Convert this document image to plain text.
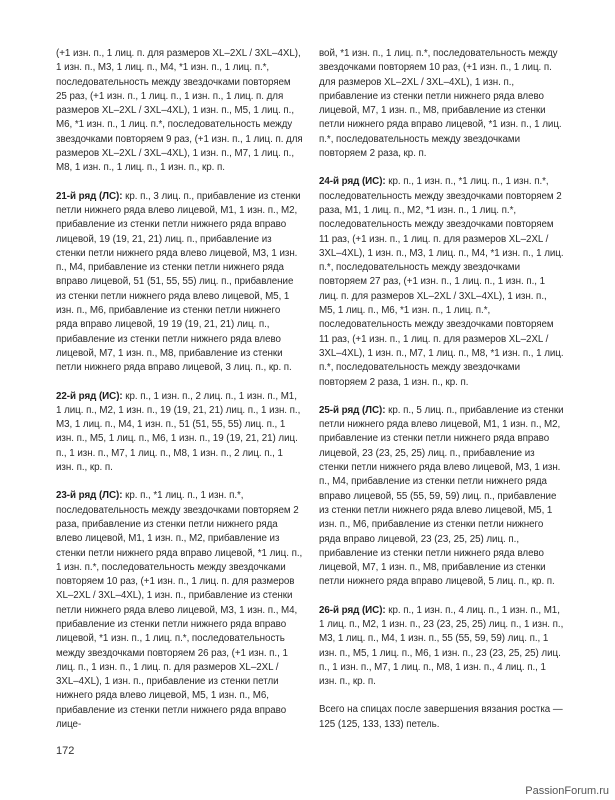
(+1 изн. п., 1 лиц. п. для размеров XL–2XL / 3XL–4XL), 1 изн. п., M3, 1 лиц. п., M4, *1 изн. п., 1 лиц. п.*, последовательность между звездочками повторяем 25 раз, (+1 изн. п., 1 лиц. п., 1 изн. п., 1 лиц. п. для размеров XL–2XL / 3XL–4XL), 1 изн. п., M5, 1 лиц. п., M6, *1 изн. п., 1 лиц. п.*, последовательность между звездочками повторяем 9 раз, (+1 изн. п., 1 лиц. п. для размеров XL–2XL / 3XL–4XL), 1 изн. п., M7, 1 лиц. п., M8, 1 изн. п., 1 лиц. п., 1 изн. п., кр. п.

21-й ряд (ЛС): кр. п., 3 лиц. п., прибавление из стенки петли нижнего ряда влево лицевой, M1, 1 изн. п., M2, прибавление из стенки петли нижнего ряда вправо лицевой, 19 (19, 21, 21) лиц. п., прибавление из стенки петли нижнего ряда влево лицевой, M3, 1 изн. п., M4, прибавление из стенки петли нижнего ряда вправо лицевой, 51 (51, 55, 55) лиц. п., прибавление из стенки петли нижнего ряда влево лицевой, M5, 1 изн. п., M6, прибавление из стенки петли нижнего ряда вправо лицевой, 19 19 (19, 21, 21) лиц. п., прибавление из стенки петли нижнего ряда влево лицевой, M7, 1 изн. п., M8, прибавление из стенки петли нижнего ряда вправо лицевой, 3 лиц. п., кр. п.

22-й ряд (ИС): кр. п., 1 изн. п., 2 лиц. п., 1 изн. п., M1, 1 лиц. п., M2, 1 изн. п., 19 (19, 21, 21) лиц. п., 1 изн. п., M3, 1 лиц. п., M4, 1 изн. п., 51 (51, 55, 55) лиц. п., 1 изн. п., M5, 1 лиц. п., M6, 1 изн. п., 19 (19, 21, 21) лиц. п., 1 изн. п., M7, 1 лиц. п., M8, 1 изн. п., 2 лиц. п., 1 изн. п., кр. п.

23-й ряд (ЛС): кр. п., *1 лиц. п., 1 изн. п.*, последовательность между звездочками повторяем 2 раза, прибавление из стенки петли нижнего ряда влево лицевой, M1, 1 изн. п., M2, прибавление из стенки петли нижнего ряда вправо лицевой, *1 лиц. п., 1 изн. п.*, последовательность между звездочками повторяем 10 раз, (+1 изн. п., 1 лиц. п. для размеров XL–2XL / 3XL–4XL), 1 изн. п., прибавление из стенки петли нижнего ряда влево лицевой, M3, 1 изн. п., M4, прибавление из стенки петли нижнего ряда вправо лицевой, *1 изн. п., 1 лиц. п.*, последовательность между звездочками повторяем 26 раз, (+1 изн. п., 1 лиц. п., 1 изн. п., 1 лиц. п. для размеров XL–2XL / 3XL–4XL), 1 изн. п., прибавление из стенки петли нижнего ряда влево лицевой, M5, 1 изн. п., M6, прибавление из стенки петли нижнего ряда вправо лице-

вой, *1 изн. п., 1 лиц. п.*, последовательность между звездочками повторяем 10 раз, (+1 изн. п., 1 лиц. п. для размеров XL–2XL / 3XL–4XL), 1 изн. п., прибавление из стенки петли нижнего ряда влево лицевой, M7, 1 изн. п., M8, прибавление из стенки петли нижнего ряда вправо лицевой, *1 изн. п., 1 лиц. п.*, последовательность между звездочками повторяем 2 раза, кр. п.

24-й ряд (ИС): кр. п., 1 изн. п., *1 лиц. п., 1 изн. п.*, последовательность между звездочками повторяем 2 раза, M1, 1 лиц. п., M2, *1 изн. п., 1 лиц. п.*, последовательность между звездочками повторяем 11 раз, (+1 изн. п., 1 лиц. п. для размеров XL–2XL / 3XL–4XL), 1 изн. п., M3, 1 лиц. п., M4, *1 изн. п., 1 лиц. п.*, последовательность между звездочками повторяем 27 раз, (+1 изн. п., 1 лиц. п., 1 изн. п., 1 лиц. п. для размеров XL–2XL / 3XL–4XL), 1 изн. п., M5, 1 лиц. п., M6, *1 изн. п., 1 лиц. п.*, последовательность между звездочками повторяем 11 раз, (+1 изн. п., 1 лиц. п. для размеров XL–2XL / 3XL–4XL), 1 изн. п., M7, 1 лиц. п., M8, *1 изн. п., 1 лиц. п.*, последовательность между звездочками повторяем 2 раза, 1 изн. п., кр. п.

25-й ряд (ЛС): кр. п., 5 лиц. п., прибавление из стенки петли нижнего ряда влево лицевой, M1, 1 изн. п., M2, прибавление из стенки петли нижнего ряда вправо лицевой, 23 (23, 25, 25) лиц. п., прибавление из стенки петли нижнего ряда влево лицевой, M3, 1 изн. п., M4, прибавление из стенки петли нижнего ряда вправо лицевой, 55 (55, 59, 59) лиц. п., прибавление из стенки петли нижнего ряда влево лицевой, M5, 1 изн. п., M6, прибавление из стенки петли нижнего ряда вправо лицевой, 23 (23, 25, 25) лиц. п., прибавление из стенки петли нижнего ряда влево лицевой, M7, 1 изн. п., M8, прибавление из стенки петли нижнего ряда вправо лицевой, 5 лиц. п., кр. п.

26-й ряд (ИС): кр. п., 1 изн. п., 4 лиц. п., 1 изн. п., M1, 1 лиц. п., M2, 1 изн. п., 23 (23, 25, 25) лиц. п., 1 изн. п., M3, 1 лиц. п., M4, 1 изн. п., 55 (55, 59, 59) лиц. п., 1 изн. п., M5, 1 лиц. п., M6, 1 изн. п., 23 (23, 25, 25) лиц. п., 1 изн. п., M7, 1 лиц. п., M8, 1 изн. п., 4 лиц. п., 1 изн. п., кр. п.

Всего на спицах после завершения вязания ростка — 125 (125, 133, 133) петель.

172
PassionForum.ru
